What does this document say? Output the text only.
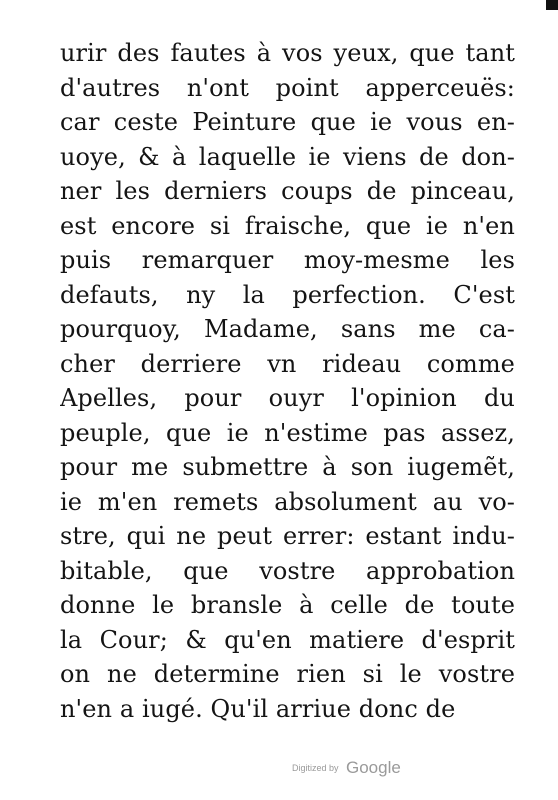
urir des fautes à vos yeux, que tant
d'autres n'ont point apperceuës:
car ceste Peinture que ie vous en-
uoye, & à laquelle ie viens de don-
ner les derniers coups de pinceau,
est encore si fraische, que ie n'en
puis remarquer moy-mesme les
defauts, ny la perfection. C'est
pourquoy, Madame, sans me ca-
cher derriere vn rideau comme
Apelles, pour ouyr l'opinion du
peuple, que ie n'estime pas assez,
pour me submettre à son iugemẽt,
ie m'en remets absolument au vo-
stre, qui ne peut errer: estant indu-
bitable, que vostre approbation
donne le bransle à celle de toute
la Cour; & qu'en matiere d'esprit
on ne determine rien si le vostre
n'en a iugé. Qu'il arriue donc de
Digitized by Google
